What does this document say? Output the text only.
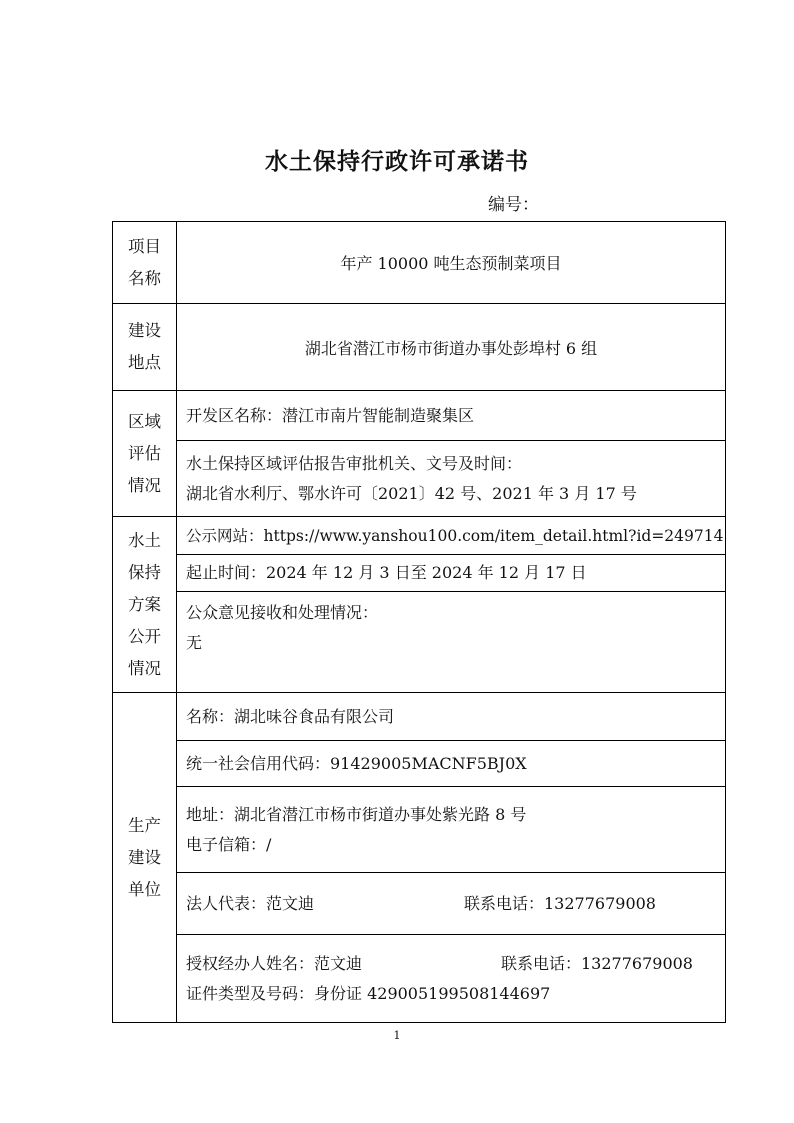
水土保持行政许可承诺书
编号：
项目
名称	年产 10000 吨生态预制菜项目

建设
地点	湖北省潜江市杨市街道办事处彭埠村 6 组

区域
评估
情况	开发区名称：潜江市南片智能制造聚集区

	水土保持区域评估报告审批机关、文号及时间：
湖北省水利厅、鄂水许可〔2021〕42 号、2021 年 3 月 17 号

水土
保持
方案
公开
情况	公示网站：https://www.yanshou100.com/item_detail.html?id=249714
	起止时间：2024 年 12 月 3 日至 2024 年 12 月 17 日

	公众意见接收和处理情况：
无

生产
建设
单位	名称：湖北味谷食品有限公司
	统一社会信用代码：91429005MACNF5BJ0X

	地址：湖北省潜江市杨市街道办事处紫光路 8 号
电子信箱：/

	法人代表：范文迪 联系电话：13277679008

	授权经办人姓名：范文迪 联系电话：13277679008
证件类型及号码：身份证 429005199508144697
1
